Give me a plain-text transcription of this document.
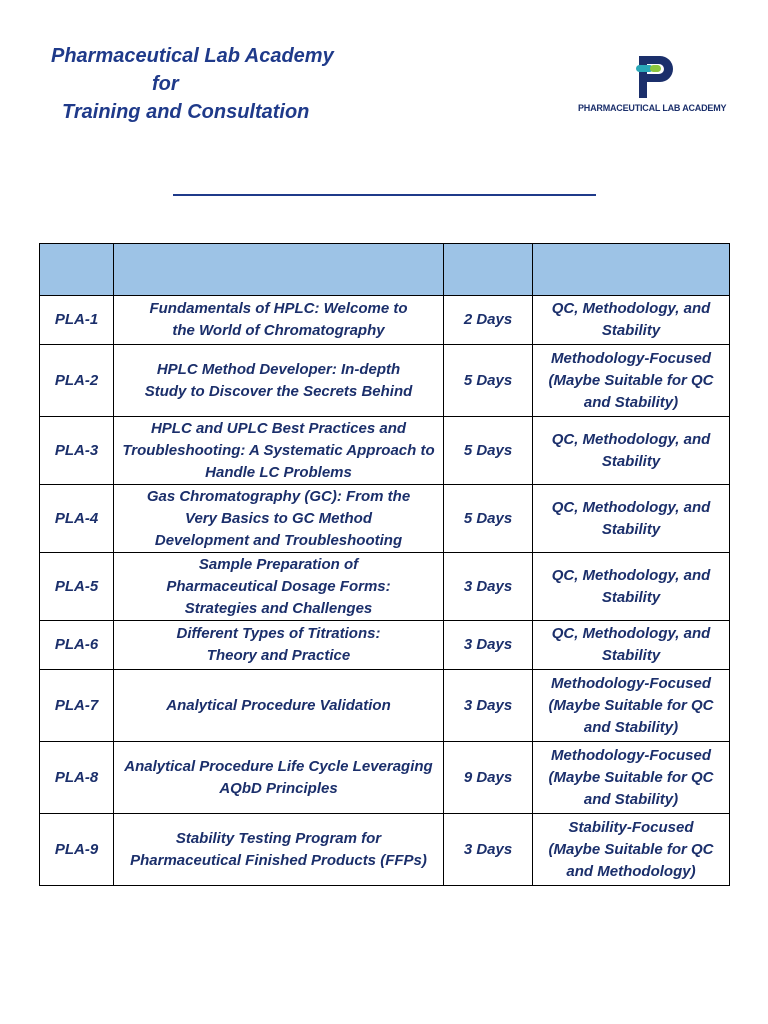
Pharmaceutical Lab Academy
for
Training and Consultation	PHARMACEUTICAL LAB ACADEMY

PLA-1	Fundamentals of HPLC: Welcome to the World of Chromatography	2 Days	QC, Methodology, and Stability
PLA-2	HPLC Method Developer: In-depth Study to Discover the Secrets Behind	5 Days	Methodology-Focused (Maybe Suitable for QC and Stability)
PLA-3	HPLC and UPLC Best Practices and Troubleshooting: A Systematic Approach to Handle LC Problems	5 Days	QC, Methodology, and Stability
PLA-4	Gas Chromatography (GC): From the Very Basics to GC Method Development and Troubleshooting	5 Days	QC, Methodology, and Stability
PLA-5	Sample Preparation of Pharmaceutical Dosage Forms: Strategies and Challenges	3 Days	QC, Methodology, and Stability
PLA-6	Different Types of Titrations: Theory and Practice	3 Days	QC, Methodology, and Stability
PLA-7	Analytical Procedure Validation	3 Days	Methodology-Focused (Maybe Suitable for QC and Stability)
PLA-8	Analytical Procedure Life Cycle Leveraging AQbD Principles	9 Days	Methodology-Focused (Maybe Suitable for QC and Stability)
PLA-9	Stability Testing Program for Pharmaceutical Finished Products (FFPs)	3 Days	Stability-Focused (Maybe Suitable for QC and Methodology)
